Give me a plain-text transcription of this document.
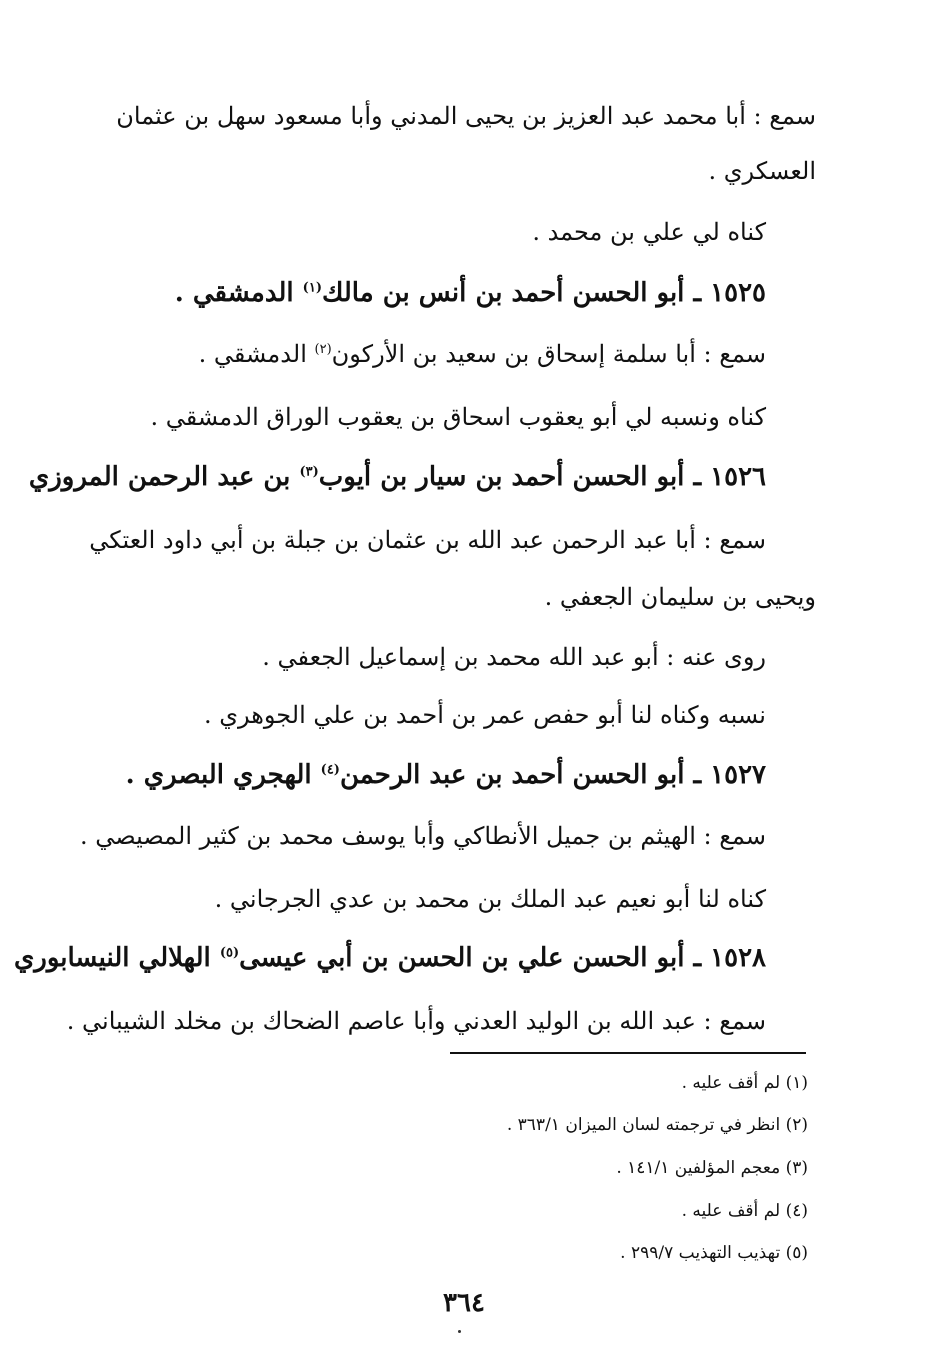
سمع : أبا محمد عبد العزيز بن يحيى المدني وأبا مسعود سهل بن عثمان
العسكري .
كناه لي علي بن محمد .
١٥٢٥ ـ أبو الحسن أحمد بن أنس بن مالك$^{(١)}$ الدمشقي .
سمع : أبا سلمة إسحاق بن سعيد بن الأركون$^{(٢)}$ الدمشقي .
كناه ونسبه لي أبو يعقوب اسحاق بن يعقوب الوراق الدمشقي .
١٥٢٦ ـ أبو الحسن أحمد بن سيار بن أيوب$^{(٣)}$ بن عبد الرحمن المروزي
سمع : أبا عبد الرحمن عبد الله بن عثمان بن جبلة بن أبي داود العتكي
ويحيى بن سليمان الجعفي .
روى عنه : أبو عبد الله محمد بن إسماعيل الجعفي .
نسبه وكناه لنا أبو حفص عمر بن أحمد بن علي الجوهري .
١٥٢٧ ـ أبو الحسن أحمد بن عبد الرحمن$^{(٤)}$ الهجري البصري .
سمع : الهيثم بن جميل الأنطاكي وأبا يوسف محمد بن كثير المصيصي .
كناه لنا أبو نعيم عبد الملك بن محمد بن عدي الجرجاني .
١٥٢٨ ـ أبو الحسن علي بن الحسن بن أبي عيسى$^{(٥)}$ الهلالي النيسابوري
سمع : عبد الله بن الوليد العدني وأبا عاصم الضحاك بن مخلد الشيباني .
(١) لم أقف عليه .
(٢) انظر في ترجمته لسان الميزان ٣٦٣/١ .
(٣) معجم المؤلفين ١٤١/١ .
(٤) لم أقف عليه .
(٥) تهذيب التهذيب ٢٩٩/٧ .
٣٦٤
